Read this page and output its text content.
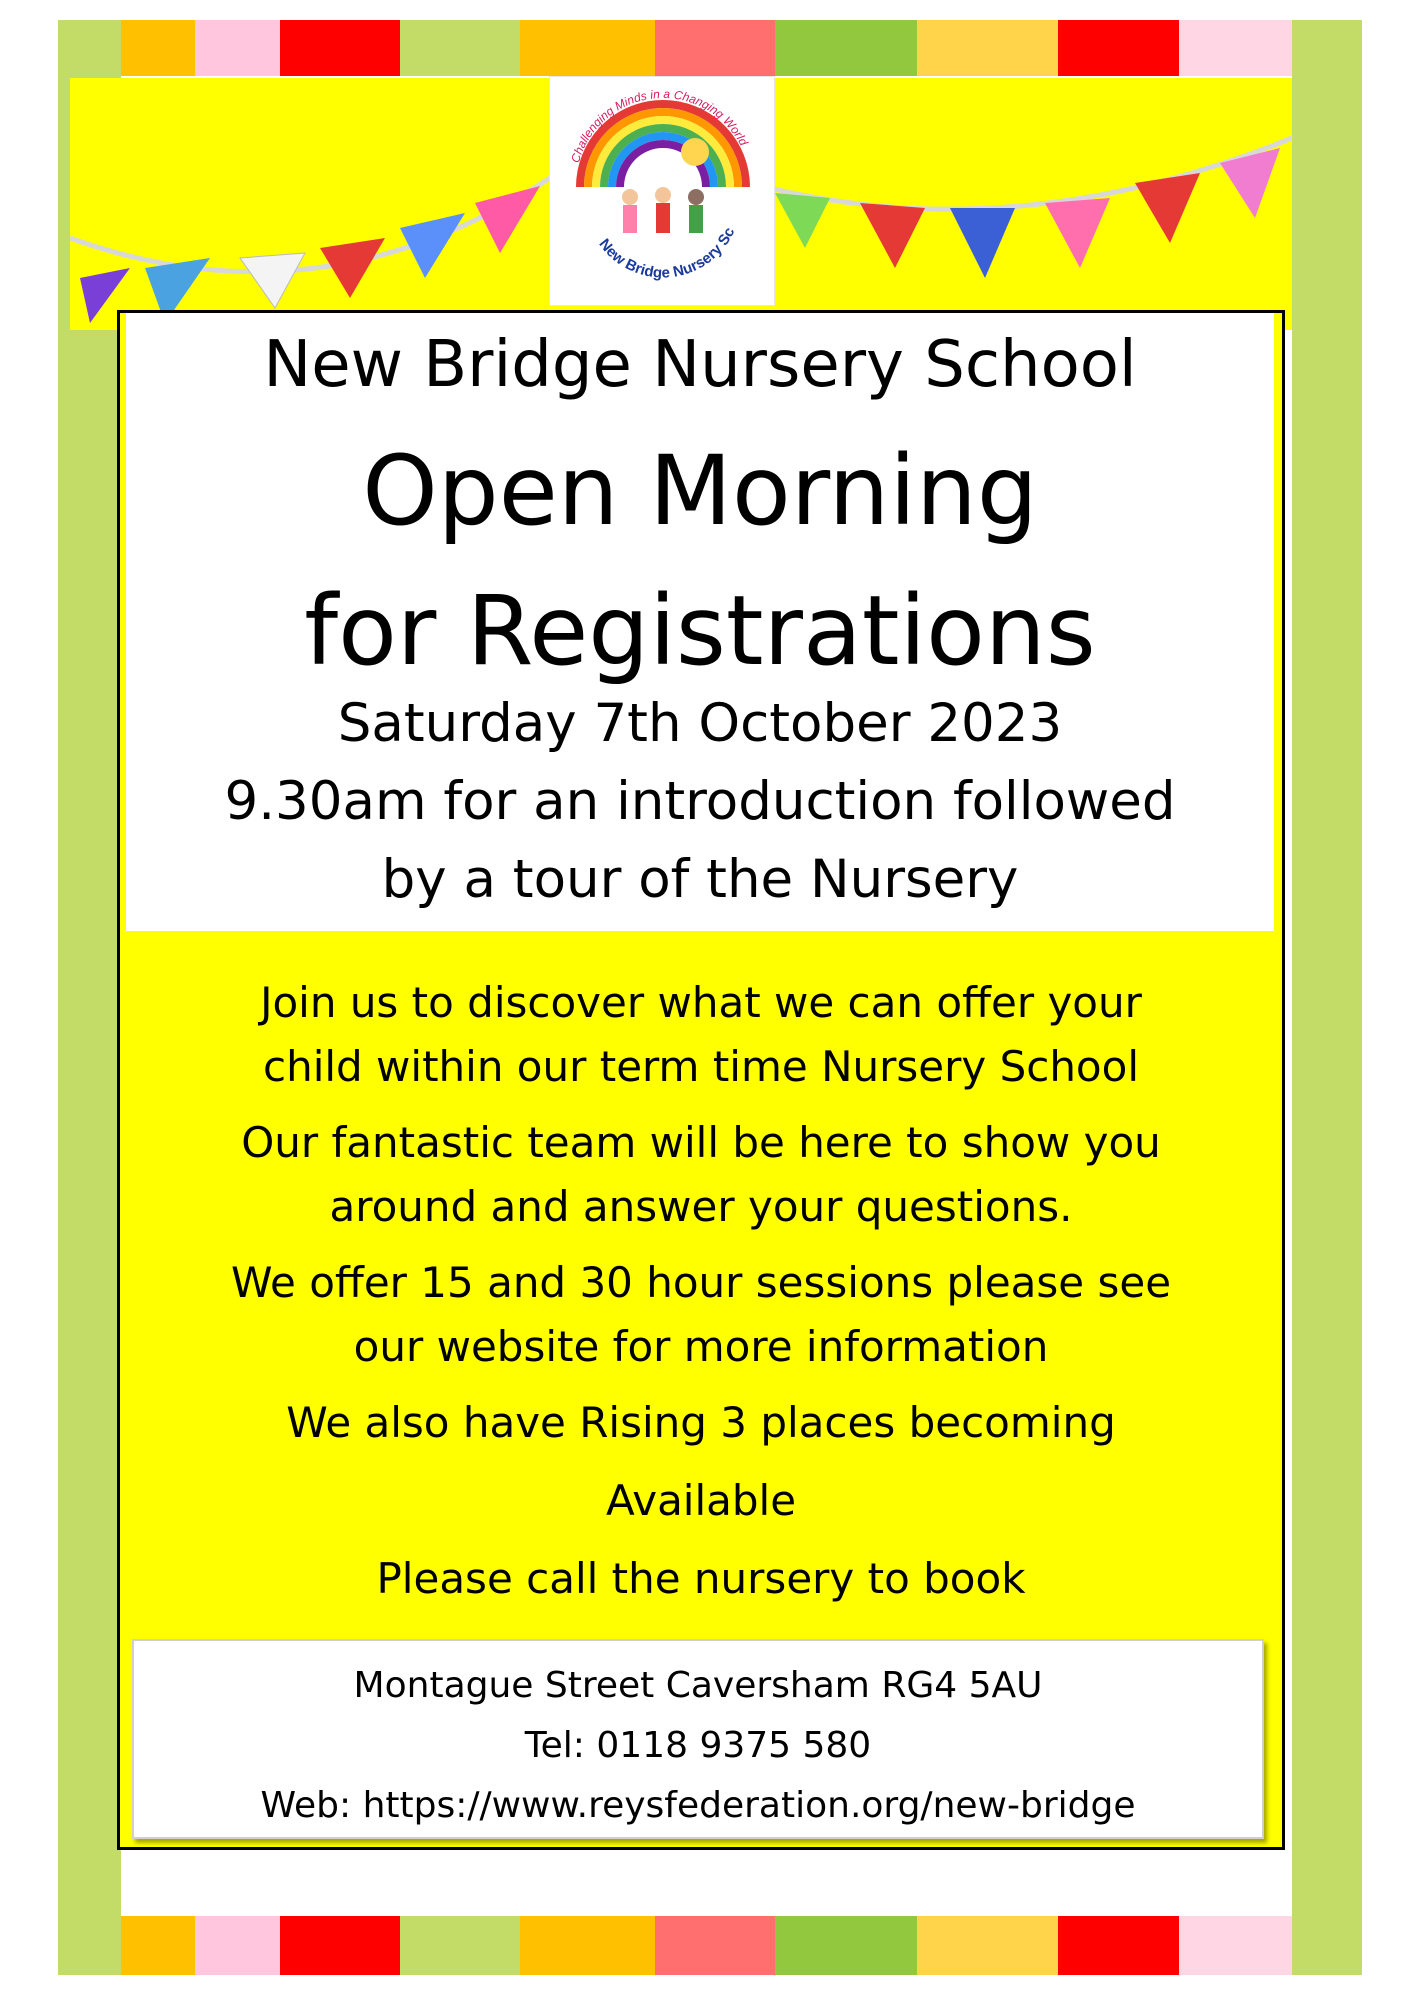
Challenging Minds in a Changing World
New Bridge Nursery Sc
New Bridge Nursery School
Open Morning
for Registrations
Saturday 7th October 2023
9.30am for an introduction followed
by a tour of the Nursery
Join us to discover what we can offer your
child within our term time Nursery School
Our fantastic team will be here to show you
around and answer your questions.
We offer 15 and 30 hour sessions please see
our website for more information
We also have Rising 3 places becoming
Available
Please call the nursery to book
Montague Street Caversham RG4 5AU
Tel: 0118 9375 580
Web: https://www.reysfederation.org/new-bridge
